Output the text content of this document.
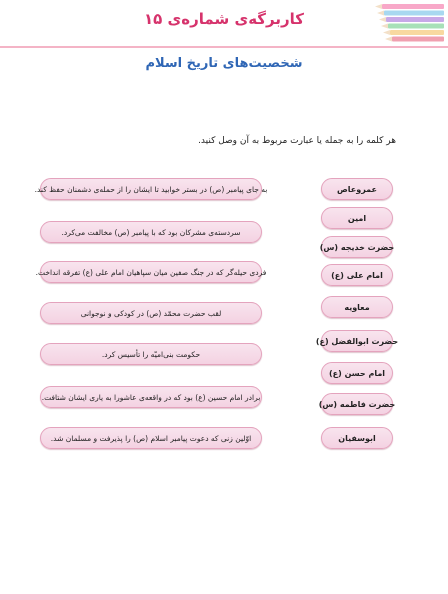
کاربرگه‌ی شماره‌ی ۱۵
شخصیت‌های تاریخ اسلام
هر کلمه را به جمله یا عبارت مربوط به آن وصل کنید.
به جای پیامبر (ص) در بستر خوابید تا ایشان را از حمله‌ی دشمنان حفظ کند.
سردسته‌ی مشرکان بود که با پیامبر (ص) مخالفت می‌کرد.
فردی حیله‌گر که در جنگ صفین میان سپاهیان امام علی (ع) تفرقه انداخت.
لقب حضرت محمّد (ص) در کودکی و نوجوانی
حکومت بنی‌امیّه را تأسیس کرد.
برادر امام حسین (ع) بود که در واقعه‌ی عاشورا به یاری ایشان شتافت.
اوّلین زنی که دعوت پیامبر اسلام (ص) را پذیرفت و مسلمان شد.
عمروعاص
امین
حضرت خدیجه (س)
امام علی (ع)
معاویه
حضرت ابوالفضل (ع)
امام حسن (ع)
حضرت فاطمه (س)
ابوسفیان
